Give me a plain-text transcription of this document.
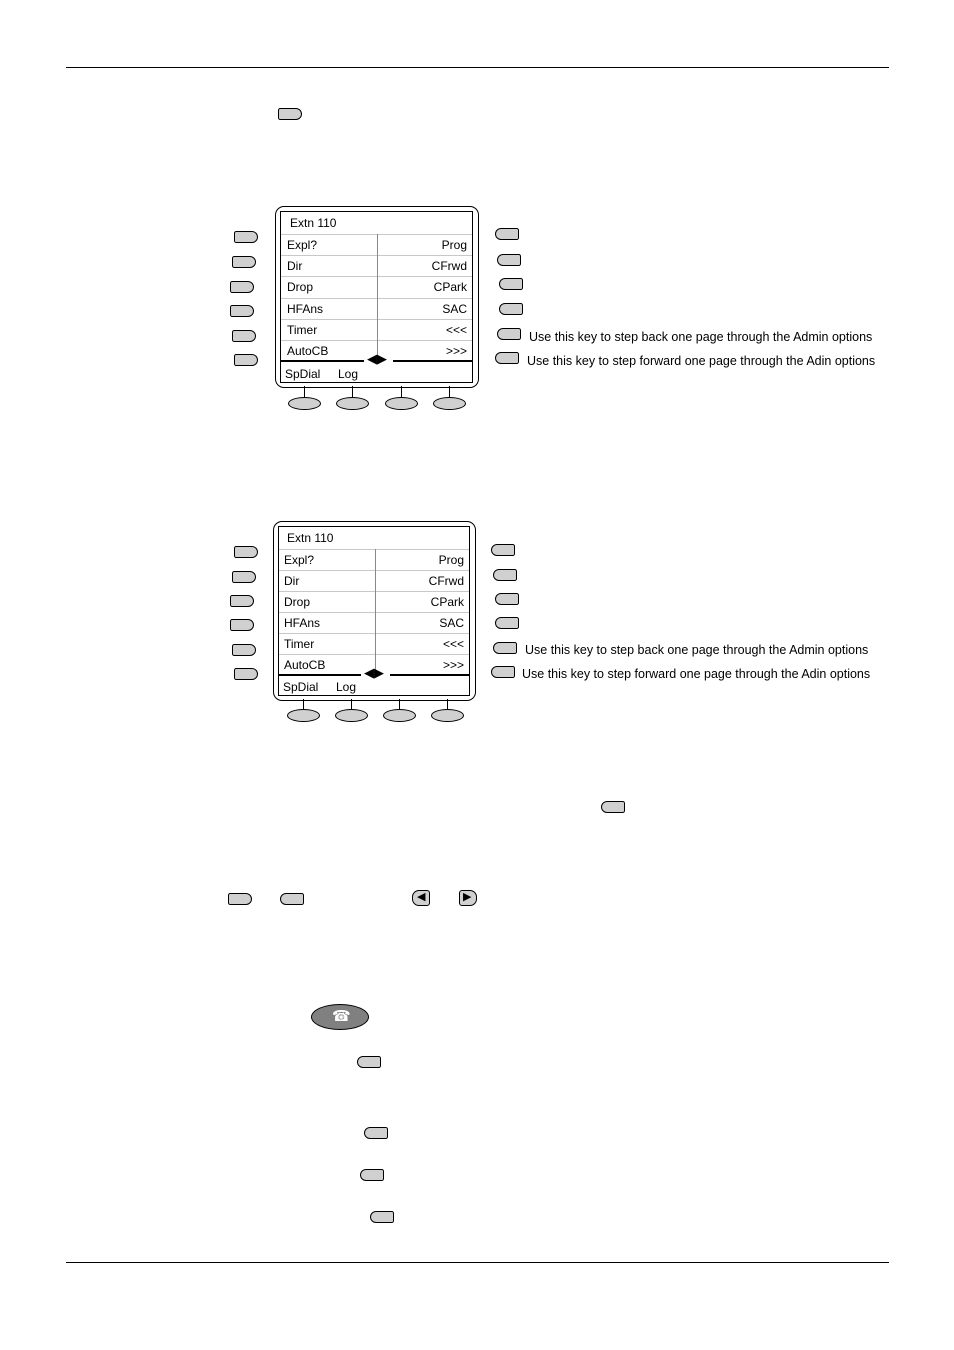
Extn 110
Expl?	Prog
Dir	CFrwd
Drop	CPark
HFAns	SAC
Timer	<<<
AutoCB	>>>
◀▶
SpDial Log
Use this key to step back one page through the Admin options
Use this key to step forward one page through the Adin options
Extn 110
Expl?	Prog
Dir	CFrwd
Drop	CPark
HFAns	SAC
Timer	<<<
AutoCB	>>>
◀▶
SpDial Log
Use this key to step back one page through the Admin options
Use this key to step forward one page through the Adin options
◀	▶
☎
